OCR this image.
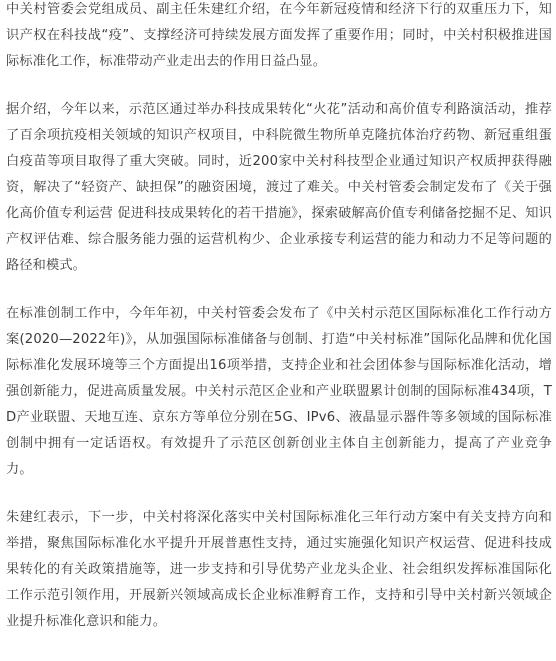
中关村管委会党组成员、副主任朱建红介绍，在今年新冠疫情和经济下行的双重压力下，知识产权在科技战“疫”、支撑经济可持续发展方面发挥了重要作用；同时，中关村积极推进国际标准化工作，标准带动产业走出去的作用日益凸显。

据介绍，今年以来，示范区通过举办科技成果转化“火花”活动和高价值专利路演活动，推荐了百余项抗疫相关领域的知识产权项目，中科院微生物所单克隆抗体治疗药物、新冠重组蛋白疫苗等项目取得了重大突破。同时，近200家中关村科技型企业通过知识产权质押获得融资，解决了“轻资产、缺担保”的融资困境，渡过了难关。中关村管委会制定发布了《关于强化高价值专利运营 促进科技成果转化的若干措施》，探索破解高价值专利储备挖掘不足、知识产权评估难、综合服务能力强的运营机构少、企业承接专利运营的能力和动力不足等问题的路径和模式。

在标准创制工作中，今年年初，中关村管委会发布了《中关村示范区国际标准化工作行动方案(2020—2022年)》，从加强国际标准储备与创制、打造“中关村标准”国际化品牌和优化国际标准化发展环境等三个方面提出16项举措，支持企业和社会团体参与国际标准化活动，增强创新能力，促进高质量发展。中关村示范区企业和产业联盟累计创制的国际标准434项，TD产业联盟、天地互连、京东方等单位分别在5G、IPv6、液晶显示器件等多领域的国际标准创制中拥有一定话语权。有效提升了示范区创新创业主体自主创新能力，提高了产业竞争力。

朱建红表示，下一步，中关村将深化落实中关村国际标准化三年行动方案中有关支持方向和举措，聚焦国际标准化水平提升开展普惠性支持，通过实施强化知识产权运营、促进科技成果转化的有关政策措施等，进一步支持和引导优势产业龙头企业、社会组织发挥标准国际化工作示范引领作用，开展新兴领域高成长企业标准孵育工作，支持和引导中关村新兴领域企业提升标准化意识和能力。
